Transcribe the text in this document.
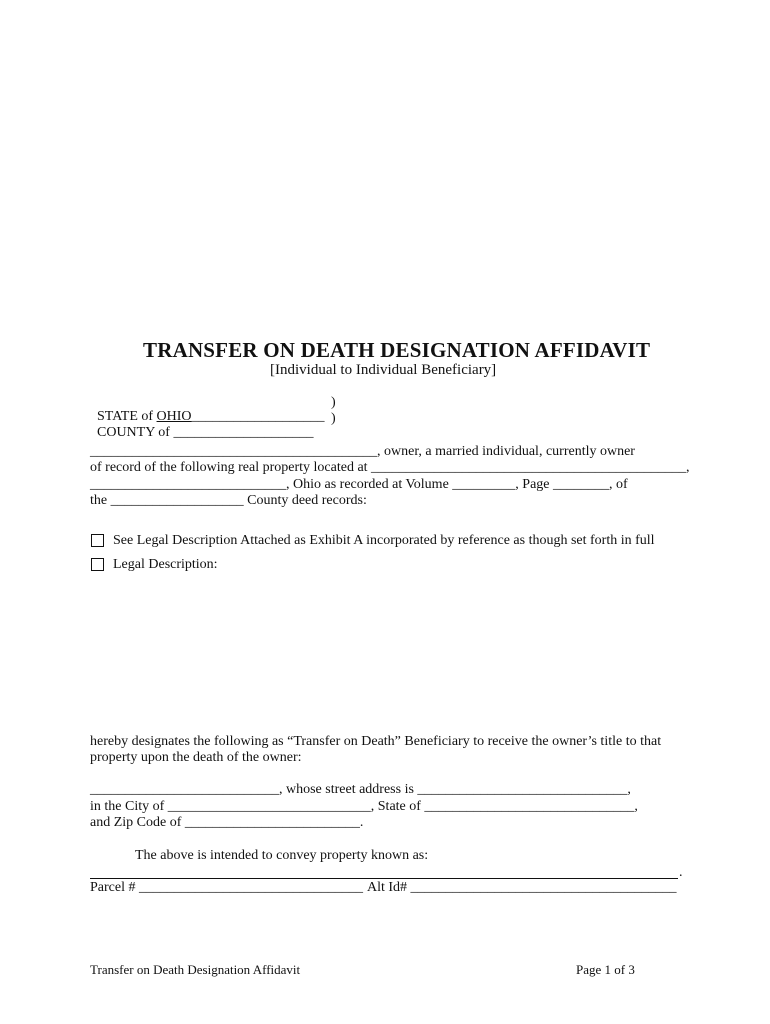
TRANSFER ON DEATH DESIGNATION AFFIDAVIT
[Individual to Individual Beneficiary]

STATE of OHIO___________________

)

COUNTY of ____________________

)
_________________________________________, owner, a married individual, currently owner
of record of the following real property located at _____________________________________________,
____________________________, Ohio as recorded at Volume _________, Page ________, of
the ___________________ County deed records:
See Legal Description Attached as Exhibit A incorporated by reference as though set forth in full
Legal Description:
hereby designates the following as “Transfer on Death” Beneficiary to receive the owner’s title to that
property upon the death of the owner:
___________________________, whose street address is ______________________________,
in the City of _____________________________, State of ______________________________,
and Zip Code of _________________________.
The above is intended to convey property known as:
.
Parcel # ________________________________ Alt Id# ______________________________________
Transfer on Death Designation Affidavit	Page 1 of 3
